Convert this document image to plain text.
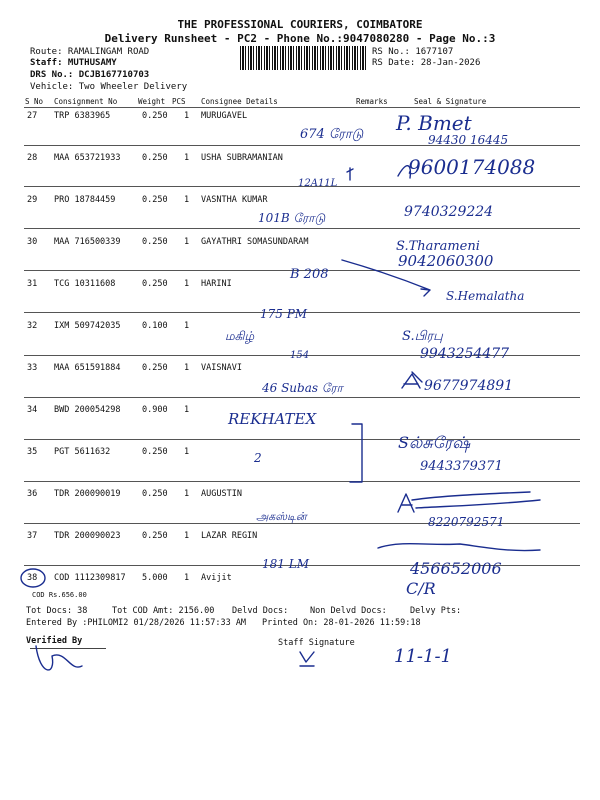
THE PROFESSIONAL COURIERS, COIMBATORE
Delivery Runsheet - PC2 - Phone No.:9047080280 - Page No.:3
Route: RAMALINGAM ROAD
Staff: MUTHUSAMY
DRS No.: DCJB167710703
Vehicle: Two Wheeler Delivery
RS No.: 1677107
RS Date: 28-Jan-2026
S No Consignment No	Weight PCS Consignee Details	Remarks	Seal & Signature
27 TRP 6383965	0.250 1 MURUGAVEL
28 MAA 653721933	0.250 1 USHA SUBRAMANIAN
29 PRO 18784459	0.250 1 VASNTHA KUMAR
30 MAA 716500339	0.250 1 GAYATHRI SOMASUNDARAM
31 TCG 10311608	0.250 1 HARINI
32 IXM 509742035	0.100 1
33 MAA 651591884	0.250 1 VAISNAVI
34 BWD 200054298	0.900 1
35 PGT 5611632	0.250 1
36 TDR 200090019	0.250 1 AUGUSTIN
37 TDR 200090023	0.250 1 LAZAR REGIN
38 COD 1112309817 5.000 1 Avijit
COD Rs.656.00
Tot Docs: 38	Tot COD Amt: 2156.00 Delvd Docs:	Non Delvd Docs:	Delvy Pts:
Entered By :PHILOMI2 01/28/2026 11:57:33 AM Printed On: 28-01-2026 11:59:18
Verified By	Staff Signature
674 ரோடு P. Bmet
94430 16445
12A11L
9600174088
101B ரோடு	9740329224
S.Tharameni
9042060300
B 208
S.Hemalatha
175 PM
மகிழ்	S.பிரபு
9943254477
46 Subas ரோ
154
9677974891
REKHATEX
Sல்சுரேஷ்
9443379371
2
அகஸ்டின்	8220792571
181 LM	456652006
C/R
11-1-1
